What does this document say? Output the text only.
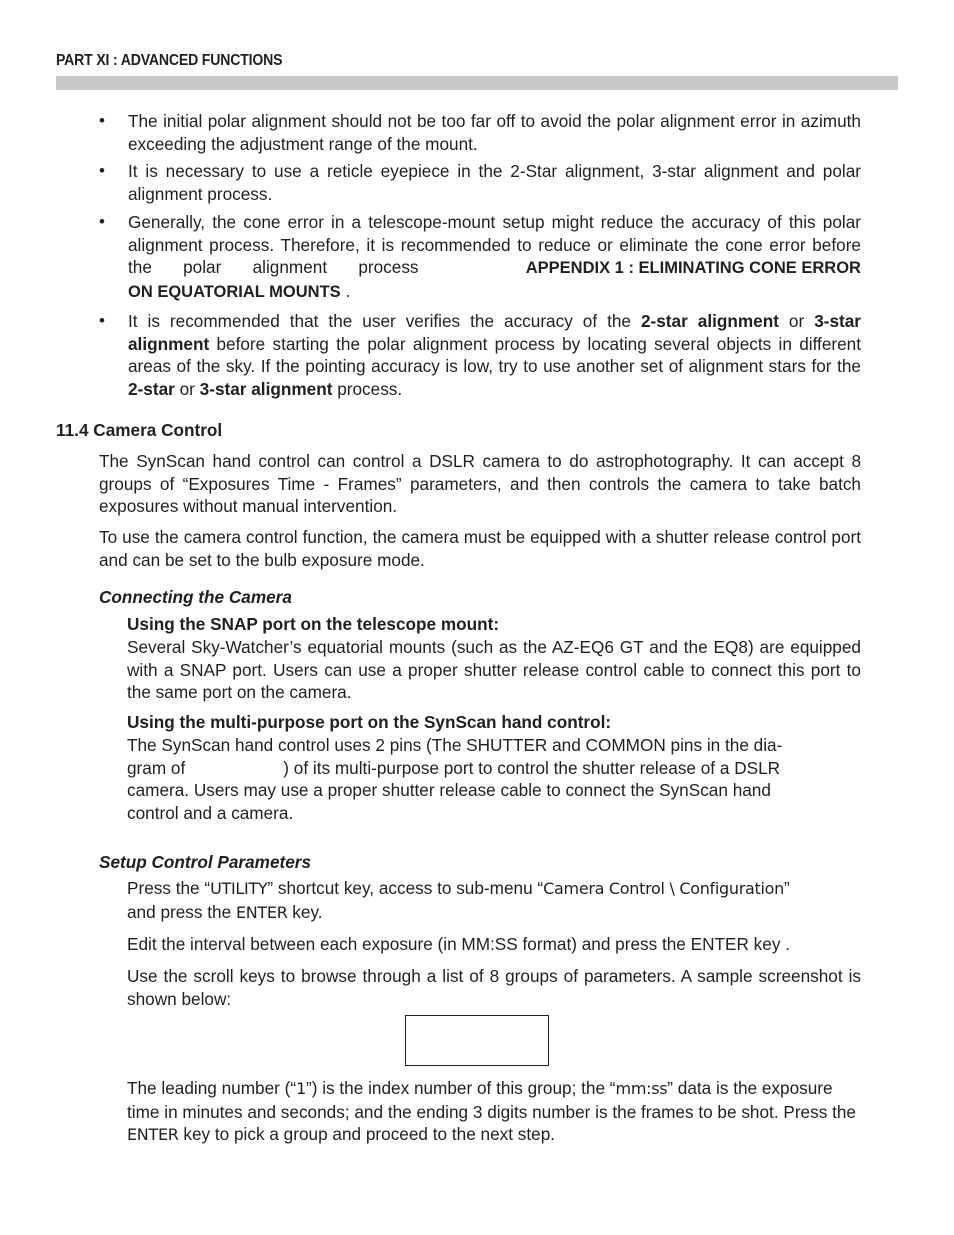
PART XI : ADVANCED FUNCTIONS
• The initial polar alignment should not be too far off to avoid the polar alignment error in azimuth exceeding the adjustment range of the mount.

• It is necessary to use a reticle eyepiece in the 2-Star alignment, 3-star alignment and polar alignment process.

• Generally, the cone error in a telescope-mount setup might reduce the accuracy of this polar alignment process. Therefore, it is recommended to reduce or eliminate the cone error before the polar alignment process	APPENDIX 1 : ELIMINATING CONE ERROR ON EQUATORIAL MOUNTS .

• It is recommended that the user verifies the accuracy of the 2-star alignment or 3-star alignment before starting the polar alignment process by locating several objects in different areas of the sky. If the pointing accuracy is low, try to use another set of alignment stars for the 2-star or 3-star alignment process.

11.4 Camera Control

The SynScan hand control can control a DSLR camera to do astrophotography. It can accept 8 groups of “Exposures Time - Frames” parameters, and then controls the camera to take batch exposures without manual intervention.

To use the camera control function, the camera must be equipped with a shutter release control port and can be set to the bulb exposure mode.

Connecting the Camera

Using the SNAP port on the telescope mount:

Several Sky-Watcher’s equatorial mounts (such as the AZ-EQ6 GT and the EQ8) are equipped with a SNAP port. Users can use a proper shutter release control cable to connect this port to the same port on the camera.

Using the multi-purpose port on the SynScan hand control:

The SynScan hand control uses 2 pins (The SHUTTER and COMMON pins in the dia-
gram of	) of its multi-purpose port to control the shutter release of a DSLR
camera. Users may use a proper shutter release cable to connect the SynScan hand
control and a camera.

Setup Control Parameters

Press the “UTILITY” shortcut key, access to sub-menu “Camera Control \ Configuration”
and press the ENTER key.

Edit the interval between each exposure (in MM:SS format) and press the ENTER key .

Use the scroll keys to browse through a list of 8 groups of parameters. A sample screenshot is shown below:

The leading number (“1”) is the index number of this group; the “mm:ss” data is the exposure time in minutes and seconds; and the ending 3 digits number is the frames to be shot. Press the ENTER key to pick a group and proceed to the next step.
